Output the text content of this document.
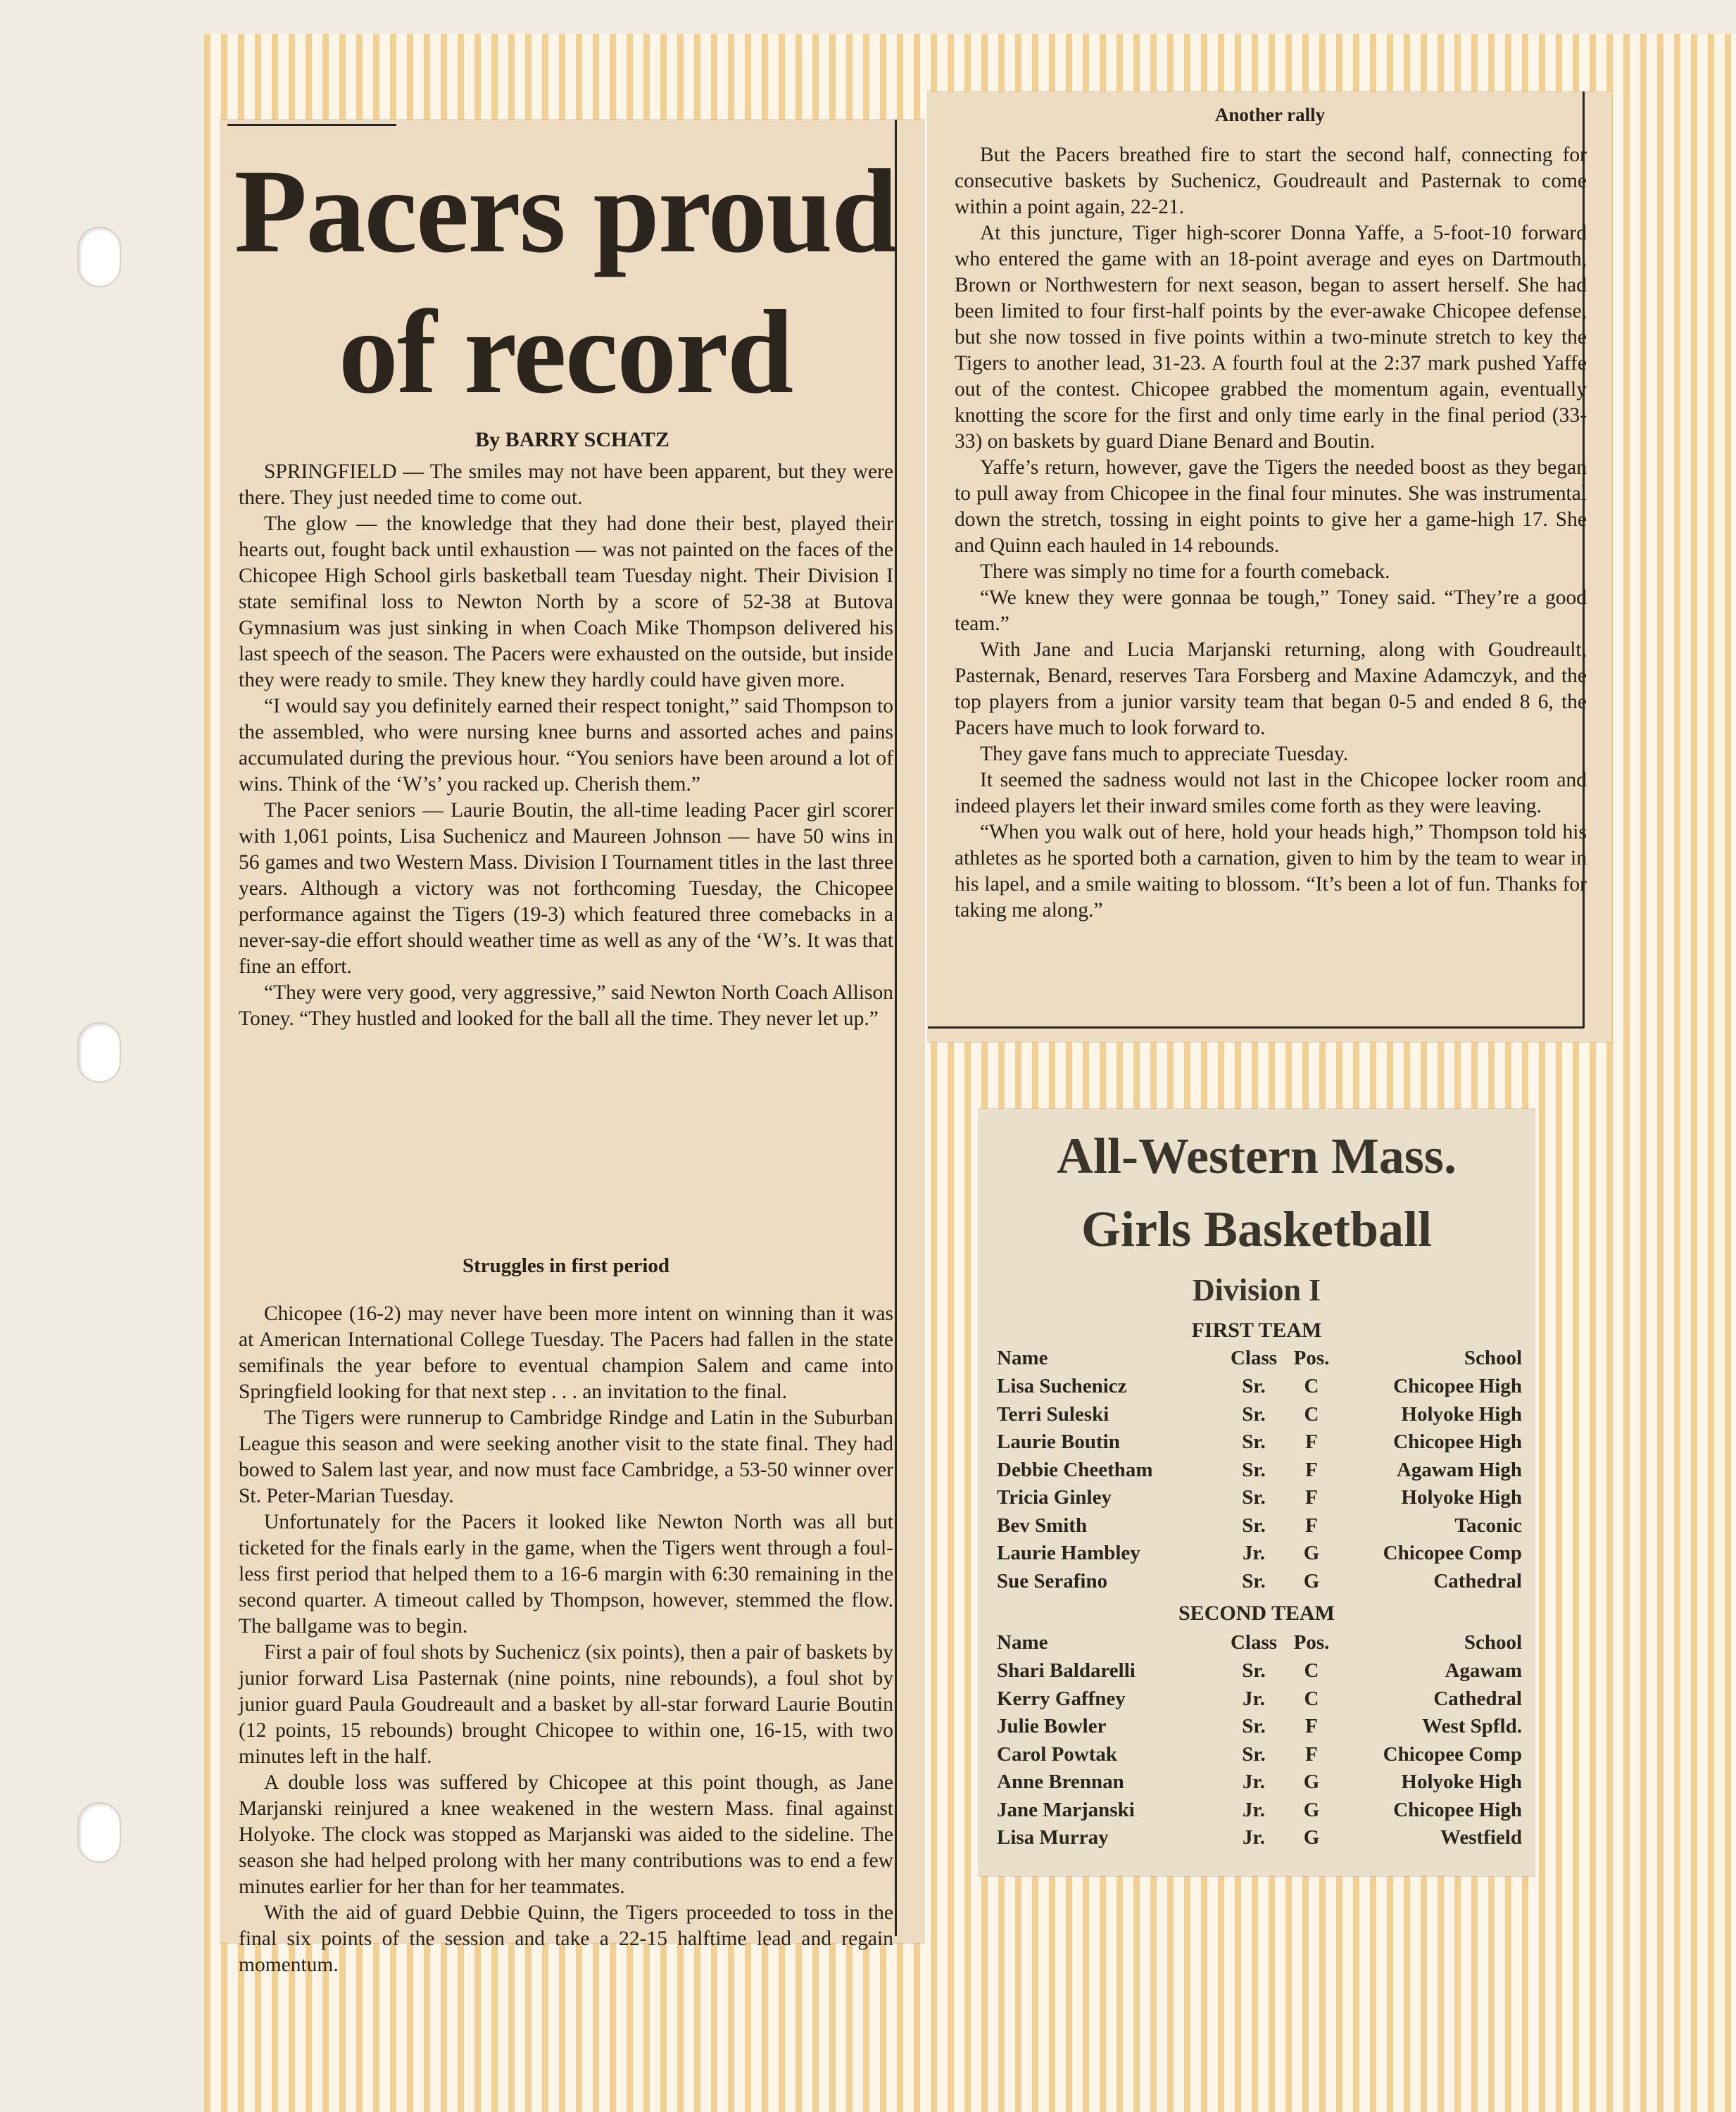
Pacers proud
of record
By BARRY SCHATZ

SPRINGFIELD — The smiles may not have been apparent, but they were there. They just needed time to come out.

The glow — the knowledge that they had done their best, played their hearts out, fought back until exhaustion — was not painted on the faces of the Chicopee High School girls basketball team Tuesday night. Their Division I state semifinal loss to Newton North by a score of 52-38 at Butova Gymnasium was just sinking in when Coach Mike Thompson delivered his last speech of the season. The Pacers were exhausted on the outside, but inside they were ready to smile. They knew they hardly could have given more.

“I would say you definitely earned their respect tonight,” said Thompson to the assembled, who were nursing knee burns and assorted aches and pains accumulated during the previous hour. “You seniors have been around a lot of wins. Think of the ‘W’s’ you racked up. Cherish them.”

The Pacer seniors — Laurie Boutin, the all-time leading Pacer girl scorer with 1,061 points, Lisa Suchenicz and Maureen Johnson — have 50 wins in 56 games and two Western Mass. Division I Tournament titles in the last three years. Although a victory was not forthcoming Tuesday, the Chicopee performance against the Tigers (19-3) which featured three comebacks in a never-say-die effort should weather time as well as any of the ‘W’s. It was that fine an effort.

“They were very good, very aggressive,” said Newton North Coach Allison Toney. “They hustled and looked for the ball all the time. They never let up.”

Struggles in first period

Chicopee (16-2) may never have been more intent on winning than it was at American International College Tuesday. The Pacers had fallen in the state semifinals the year before to eventual champion Salem and came into Springfield looking for that next step . . . an invitation to the final.

The Tigers were runnerup to Cambridge Rindge and Latin in the Suburban League this season and were seeking another visit to the state final. They had bowed to Salem last year, and now must face Cambridge, a 53-50 winner over St. Peter-Marian Tuesday.

Unfortunately for the Pacers it looked like Newton North was all but ticketed for the finals early in the game, when the Tigers went through a foul-less first period that helped them to a 16-6 margin with 6:30 remaining in the second quarter. A timeout called by Thompson, however, stemmed the flow. The ballgame was to begin.

First a pair of foul shots by Suchenicz (six points), then a pair of baskets by junior forward Lisa Pasternak (nine points, nine rebounds), a foul shot by junior guard Paula Goudreault and a basket by all-star forward Laurie Boutin (12 points, 15 rebounds) brought Chicopee to within one, 16-15, with two minutes left in the half.

A double loss was suffered by Chicopee at this point though, as Jane Marjanski reinjured a knee weakened in the western Mass. final against Holyoke. The clock was stopped as Marjanski was aided to the sideline. The season she had helped prolong with her many contributions was to end a few minutes earlier for her than for her teammates.

With the aid of guard Debbie Quinn, the Tigers proceeded to toss in the final six points of the session and take a 22-15 halftime lead and regain momentum.

Another rally

But the Pacers breathed fire to start the second half, connecting for consecutive baskets by Suchenicz, Goudreault and Pasternak to come within a point again, 22-21.

At this juncture, Tiger high-scorer Donna Yaffe, a 5-foot-10 forward who entered the game with an 18-point average and eyes on Dartmouth, Brown or Northwestern for next season, began to assert herself. She had been limited to four first-half points by the ever-awake Chicopee defense, but she now tossed in five points within a two-minute stretch to key the Tigers to another lead, 31-23. A fourth foul at the 2:37 mark pushed Yaffe out of the contest. Chicopee grabbed the momentum again, eventually knotting the score for the first and only time early in the final period (33-33) on baskets by guard Diane Benard and Boutin.

Yaffe’s return, however, gave the Tigers the needed boost as they began to pull away from Chicopee in the final four minutes. She was instrumental down the stretch, tossing in eight points to give her a game-high 17. She and Quinn each hauled in 14 rebounds.

There was simply no time for a fourth comeback.

“We knew they were gonnaa be tough,” Toney said. “They’re a good team.”

With Jane and Lucia Marjanski returning, along with Goudreault, Pasternak, Benard, reserves Tara Forsberg and Maxine Adamczyk, and the top players from a junior varsity team that began 0-5 and ended 8 6, the Pacers have much to look forward to.

They gave fans much to appreciate Tuesday.

It seemed the sadness would not last in the Chicopee locker room and indeed players let their inward smiles come forth as they were leaving.

“When you walk out of here, hold your heads high,” Thompson told his athletes as he sported both a carnation, given to him by the team to wear in his lapel, and a smile waiting to blossom. “It’s been a lot of fun. Thanks for taking me along.”

All-Western Mass.
Girls Basketball
Division I
FIRST TEAM
Name	Class Pos.	School
Lisa Suchenicz	Sr.	C	Chicopee High
Terri Suleski	Sr.	C	Holyoke High
Laurie Boutin	Sr.	F	Chicopee High
Debbie Cheetham	Sr.	F	Agawam High
Tricia Ginley	Sr.	F	Holyoke High
Bev Smith	Sr.	F	Taconic
Laurie Hambley	Jr.	G	Chicopee Comp
Sue Serafino	Sr.	G	Cathedral
SECOND TEAM
Name	Class Pos.	School
Shari Baldarelli	Sr.	C	Agawam
Kerry Gaffney	Jr.	C	Cathedral
Julie Bowler	Sr.	F	West Spfld.
Carol Powtak	Sr.	F	Chicopee Comp
Anne Brennan	Jr.	G	Holyoke High
Jane Marjanski	Jr.	G	Chicopee High
Lisa Murray	Jr.	G	Westfield
